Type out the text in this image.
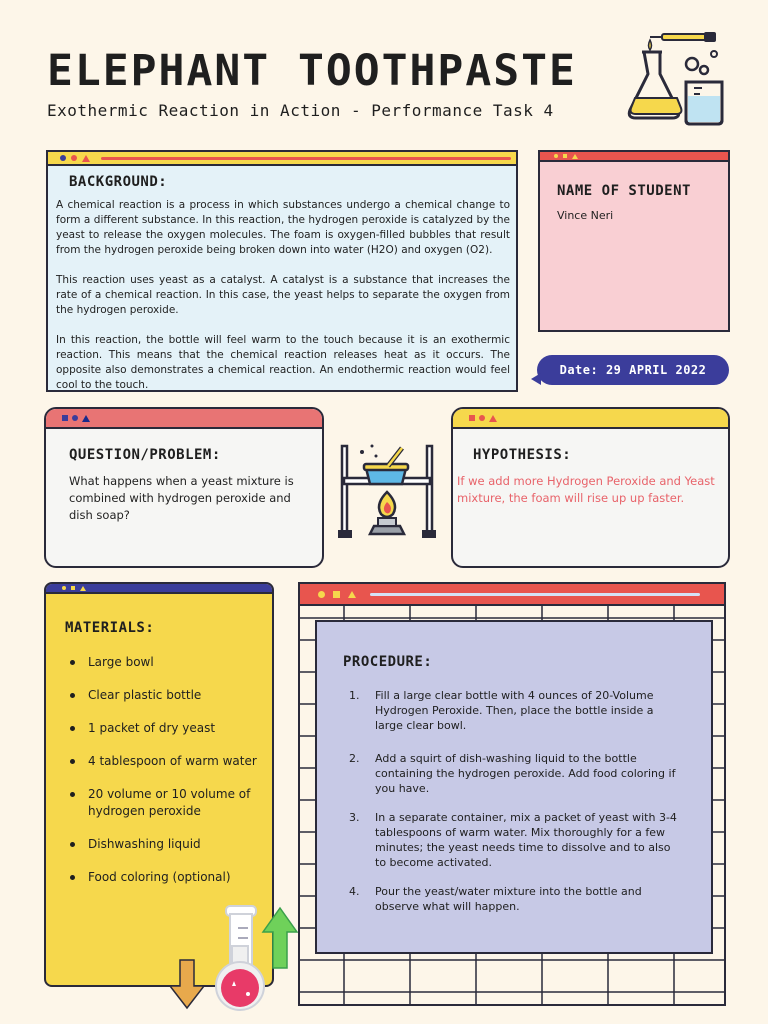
ELEPHANT TOOTHPASTE
Exothermic Reaction in Action - Performance Task 4
BACKGROUND:

A chemical reaction is a process in which substances undergo a chemical change to form a different substance. In this reaction, the hydrogen peroxide is catalyzed by the yeast to release the oxygen molecules. The foam is oxygen-filled bubbles that result from the hydrogen peroxide being broken down into water (H2O) and oxygen (O2).

This reaction uses yeast as a catalyst. A catalyst is a substance that increases the rate of a chemical reaction. In this case, the yeast helps to separate the oxygen from the hydrogen peroxide.

In this reaction, the bottle will feel warm to the touch because it is an exothermic reaction. This means that the chemical reaction releases heat as it occurs. The opposite also demonstrates a chemical reaction. An endothermic reaction would feel cool to the touch.

NAME OF STUDENT
Vince Neri
Date: 29 APRIL 2022
QUESTION/PROBLEM:
What happens when a yeast mixture is combined with hydrogen peroxide and dish soap?
HYPOTHESIS:
If we add more Hydrogen Peroxide and Yeast mixture, the foam will rise up up faster.
MATERIALS:
Large bowl
Clear plastic bottle
1 packet of dry yeast
4 tablespoon of warm water
20 volume or 10 volume of hydrogen peroxide
Dishwashing liquid
Food coloring (optional)
PROCEDURE:
1. Fill a large clear bottle with 4 ounces of 20-Volume Hydrogen Peroxide. Then, place the bottle inside a large clear bowl.
2. Add a squirt of dish-washing liquid to the bottle containing the hydrogen peroxide. Add food coloring if you have.
3. In a separate container, mix a packet of yeast with 3-4 tablespoons of warm water. Mix thoroughly for a few minutes; the yeast needs time to dissolve and to also to become activated.
4. Pour the yeast/water mixture into the bottle and observe what will happen.
